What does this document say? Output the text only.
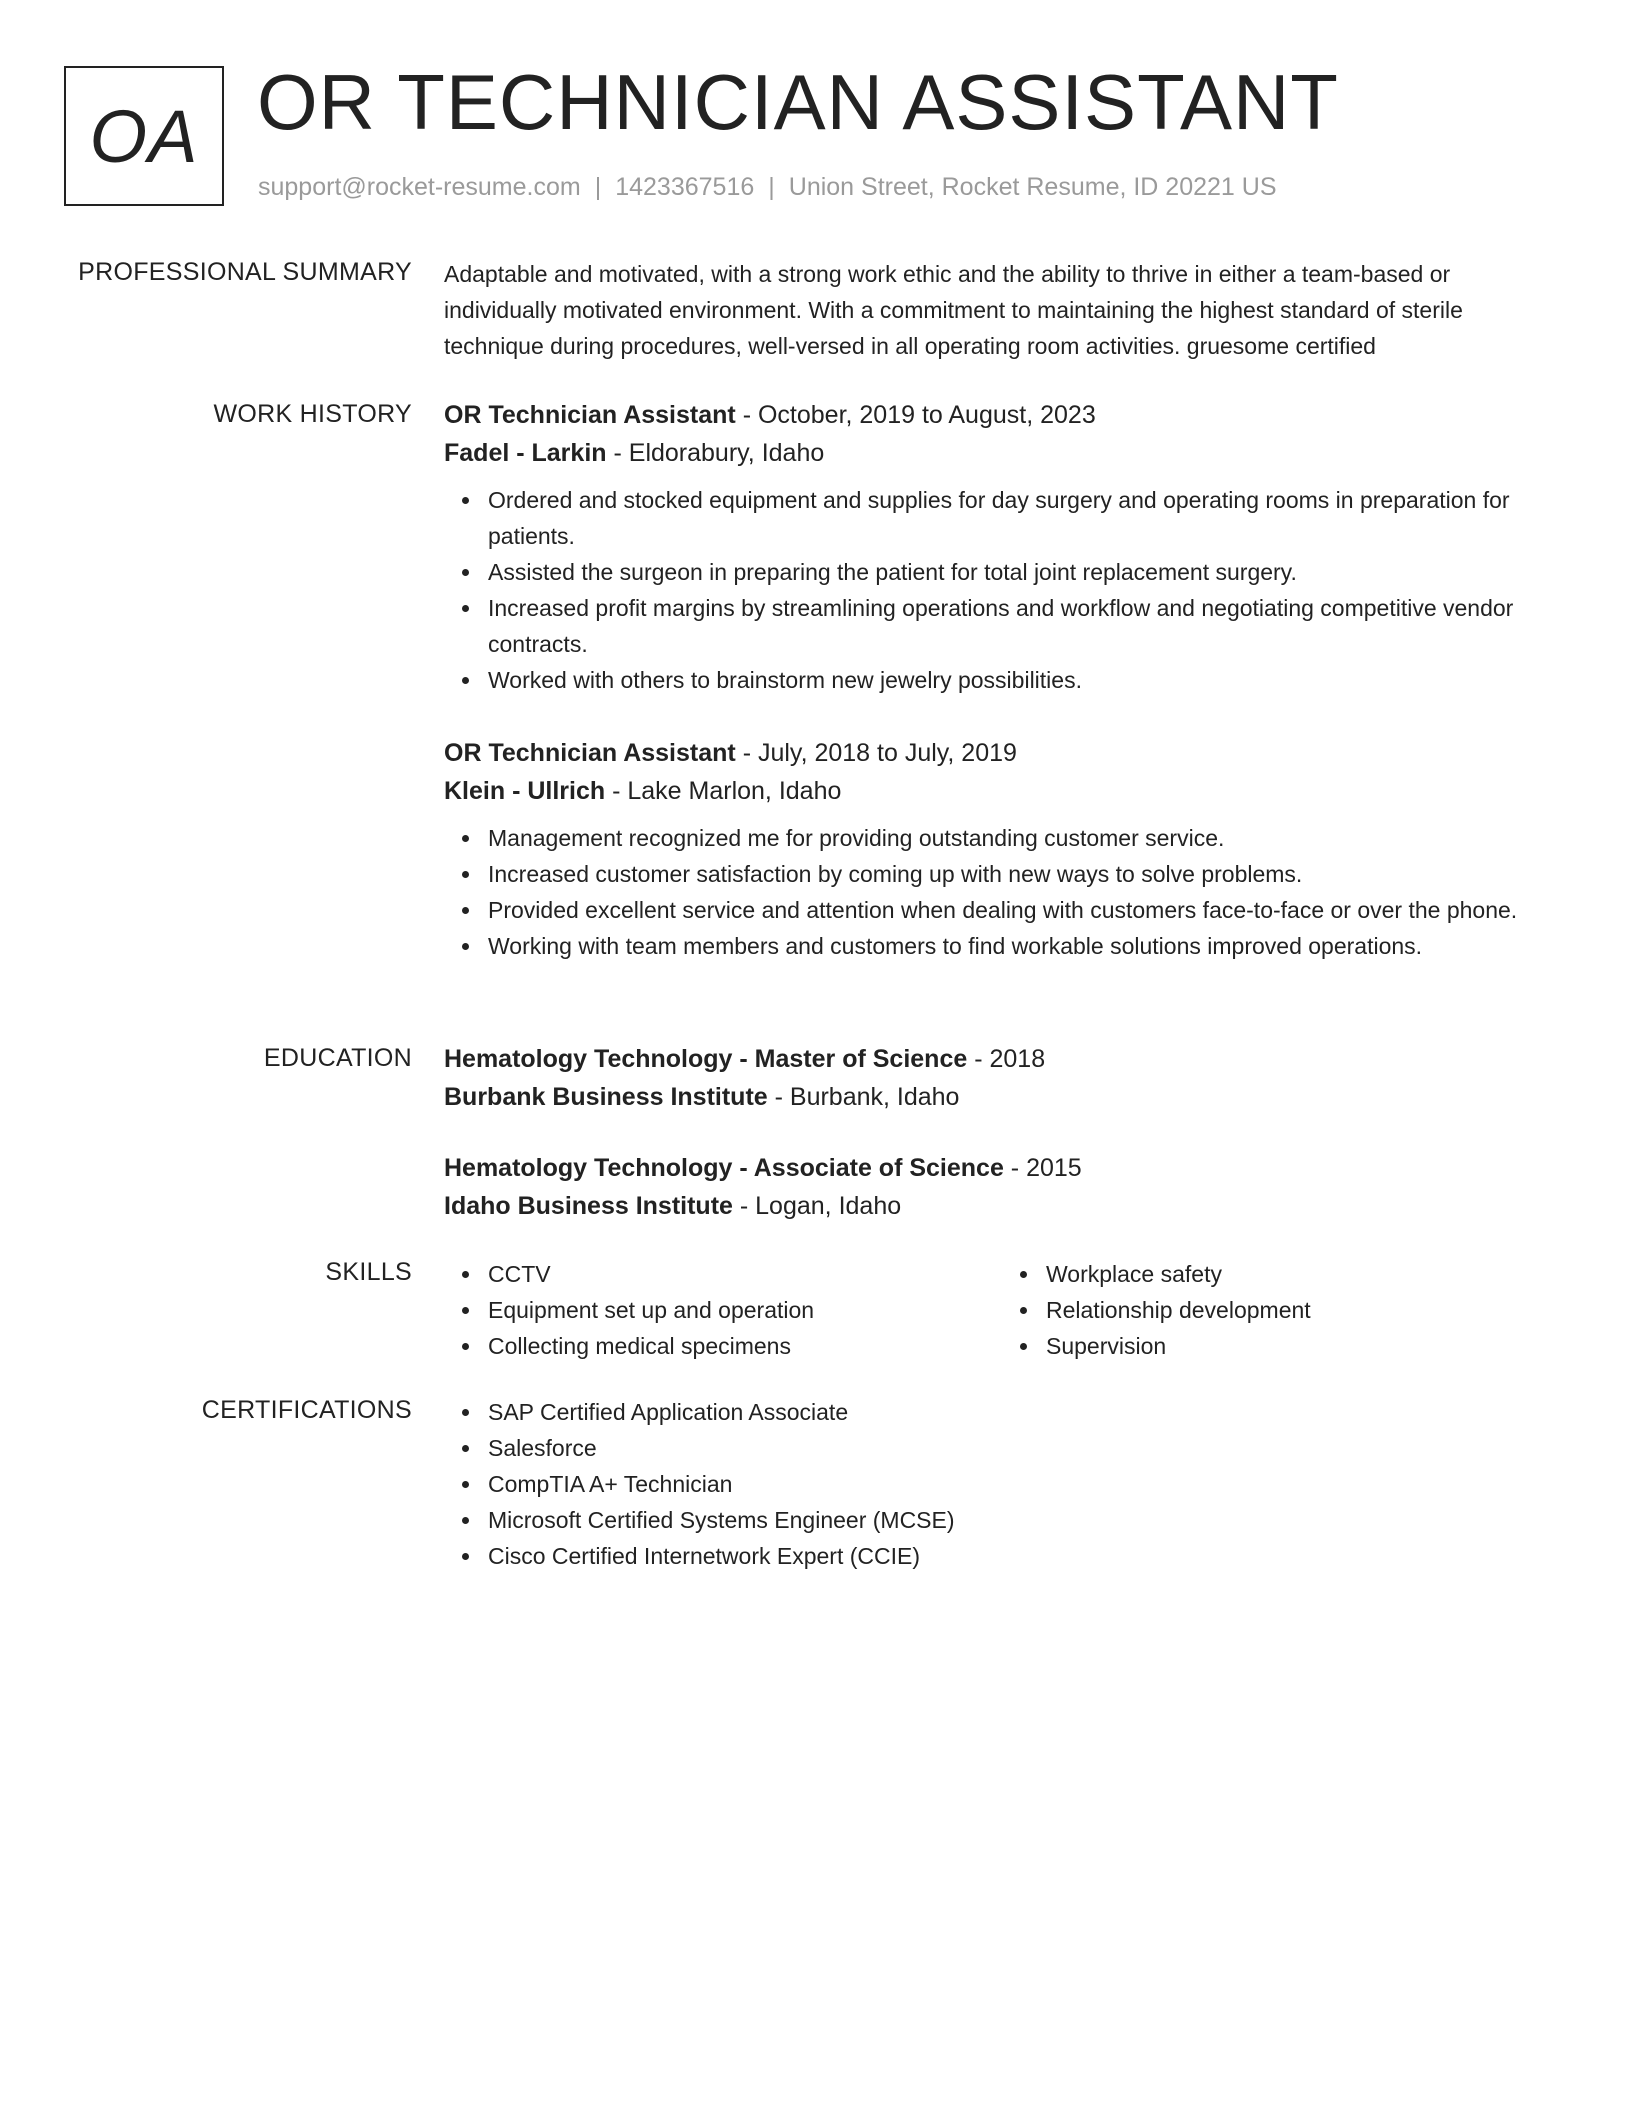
OA OR TECHNICIAN ASSISTANT
support@rocket-resume.com | 1423367516 | Union Street, Rocket Resume, ID 20221 US
PROFESSIONAL SUMMARY Adaptable and motivated, with a strong work ethic and the ability to thrive in either a team-based or individually motivated environment. With a commitment to maintaining the highest standard of sterile technique during procedures, well-versed in all operating room activities. gruesome certified

WORK HISTORY OR Technician Assistant - October, 2019 to August, 2023
Fadel - Larkin - Eldorabury, Idaho
Ordered and stocked equipment and supplies for day surgery and operating rooms in preparation for patients.
Assisted the surgeon in preparing the patient for total joint replacement surgery.
Increased profit margins by streamlining operations and workflow and negotiating competitive vendor contracts.
Worked with others to brainstorm new jewelry possibilities.
OR Technician Assistant - July, 2018 to July, 2019
Klein - Ullrich - Lake Marlon, Idaho
Management recognized me for providing outstanding customer service.
Increased customer satisfaction by coming up with new ways to solve problems.
Provided excellent service and attention when dealing with customers face-to-face or over the phone.
Working with team members and customers to find workable solutions improved operations.
EDUCATION Hematology Technology - Master of Science - 2018
Burbank Business Institute - Burbank, Idaho
Hematology Technology - Associate of Science - 2015
Idaho Business Institute - Logan, Idaho
SKILLS	CCTV
Equipment set up and operation
Collecting medical specimens
Workplace safety
Relationship development
Supervision
CERTIFICATIONS	SAP Certified Application Associate
Salesforce
CompTIA A+ Technician
Microsoft Certified Systems Engineer (MCSE)
Cisco Certified Internetwork Expert (CCIE)
